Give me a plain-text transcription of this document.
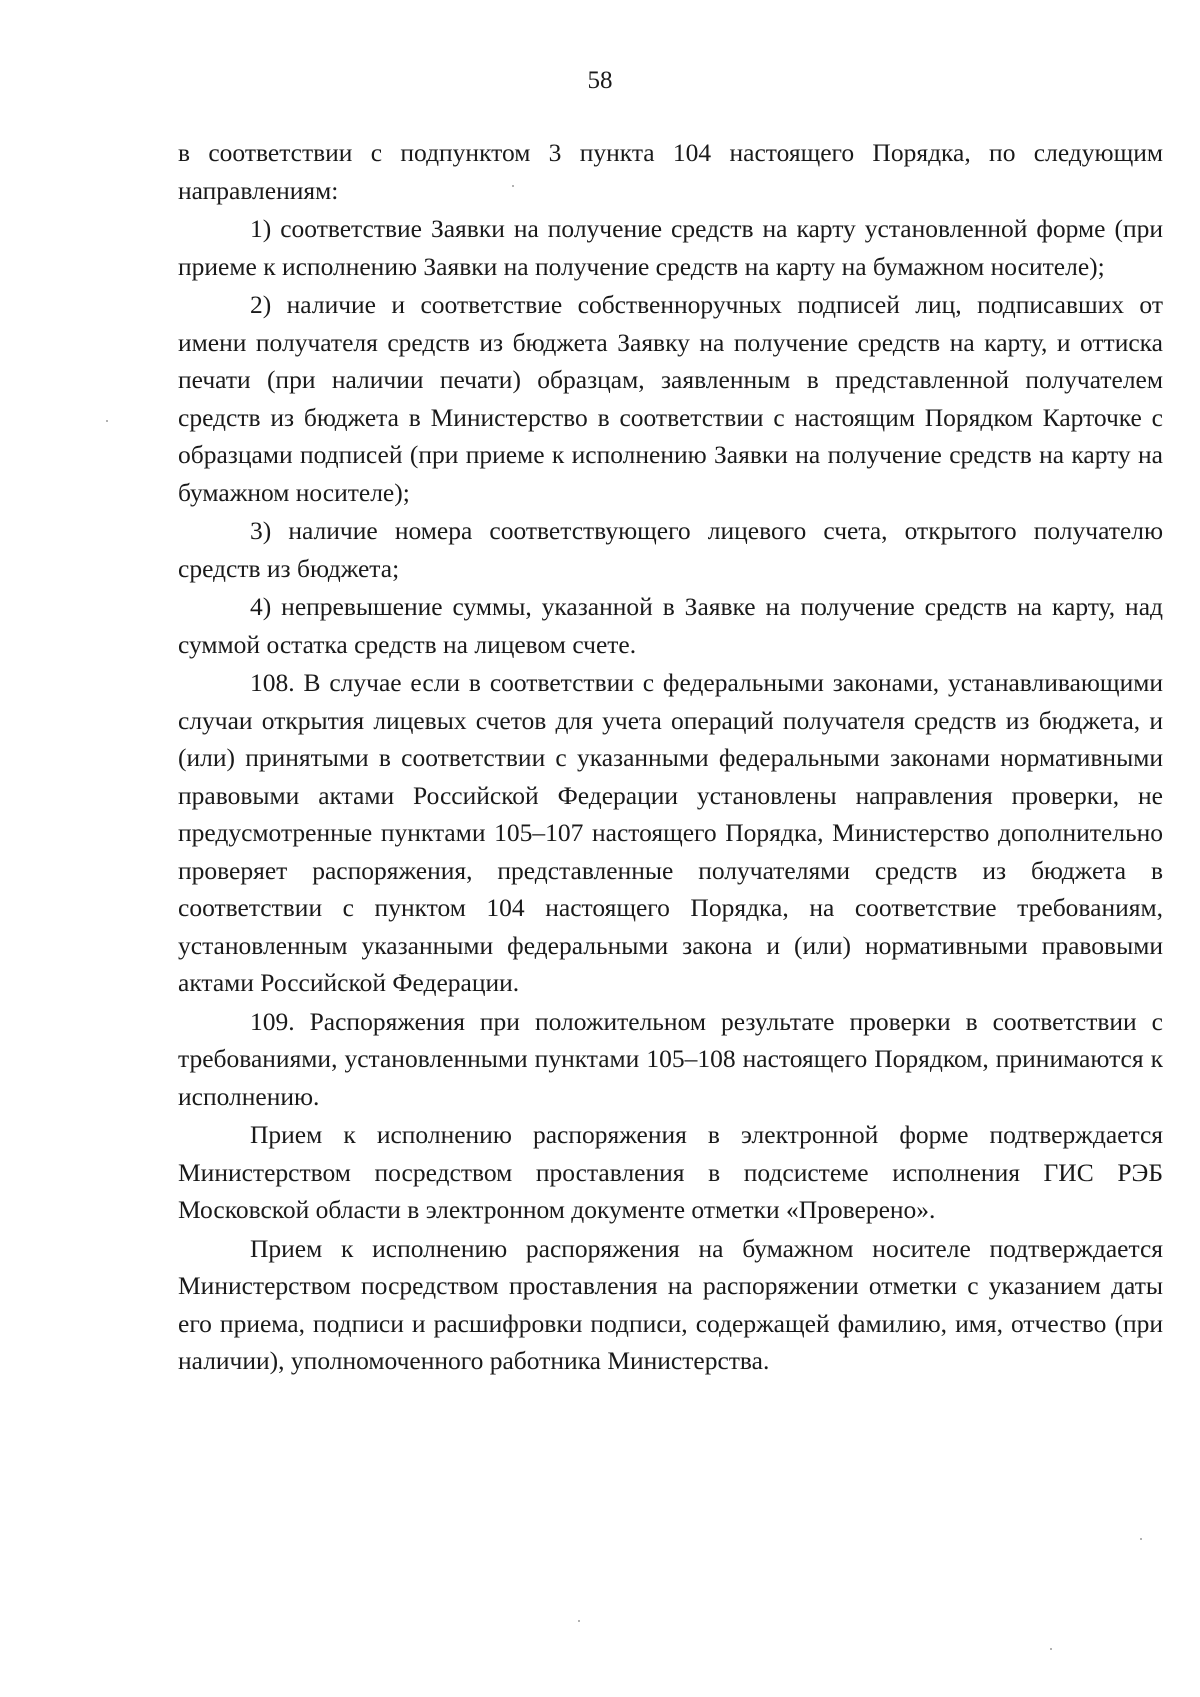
58

в соответствии с подпунктом 3 пункта 104 настоящего Порядка, по следующим направлениям:

1) соответствие Заявки на получение средств на карту установленной форме (при приеме к исполнению Заявки на получение средств на карту на бумажном носителе);

2) наличие и соответствие собственноручных подписей лиц, подписавших от имени получателя средств из бюджета Заявку на получение средств на карту, и оттиска печати (при наличии печати) образцам, заявленным в представленной получателем средств из бюджета в Министерство в соответствии с настоящим Порядком Карточке с образцами подписей (при приеме к исполнению Заявки на получение средств на карту на бумажном носителе);

3) наличие номера соответствующего лицевого счета, открытого получателю средств из бюджета;

4) непревышение суммы, указанной в Заявке на получение средств на карту, над суммой остатка средств на лицевом счете.

108. В случае если в соответствии с федеральными законами, устанавливающими случаи открытия лицевых счетов для учета операций получателя средств из бюджета, и (или) принятыми в соответствии с указанными федеральными законами нормативными правовыми актами Российской Федерации установлены направления проверки, не предусмотренные пунктами 105–107 настоящего Порядка, Министерство дополнительно проверяет распоряжения, представленные получателями средств из бюджета в соответствии с пунктом 104 настоящего Порядка, на соответствие требованиям, установленным указанными федеральными закона и (или) нормативными правовыми актами Российской Федерации.

109. Распоряжения при положительном результате проверки в соответствии с требованиями, установленными пунктами 105–108 настоящего Порядком, принимаются к исполнению.

Прием к исполнению распоряжения в электронной форме подтверждается Министерством посредством проставления в подсистеме исполнения ГИС РЭБ Московской области в электронном документе отметки «Проверено».

Прием к исполнению распоряжения на бумажном носителе подтверждается Министерством посредством проставления на распоряжении отметки с указанием даты его приема, подписи и расшифровки подписи, содержащей фамилию, имя, отчество (при наличии), уполномоченного работника Министерства.
